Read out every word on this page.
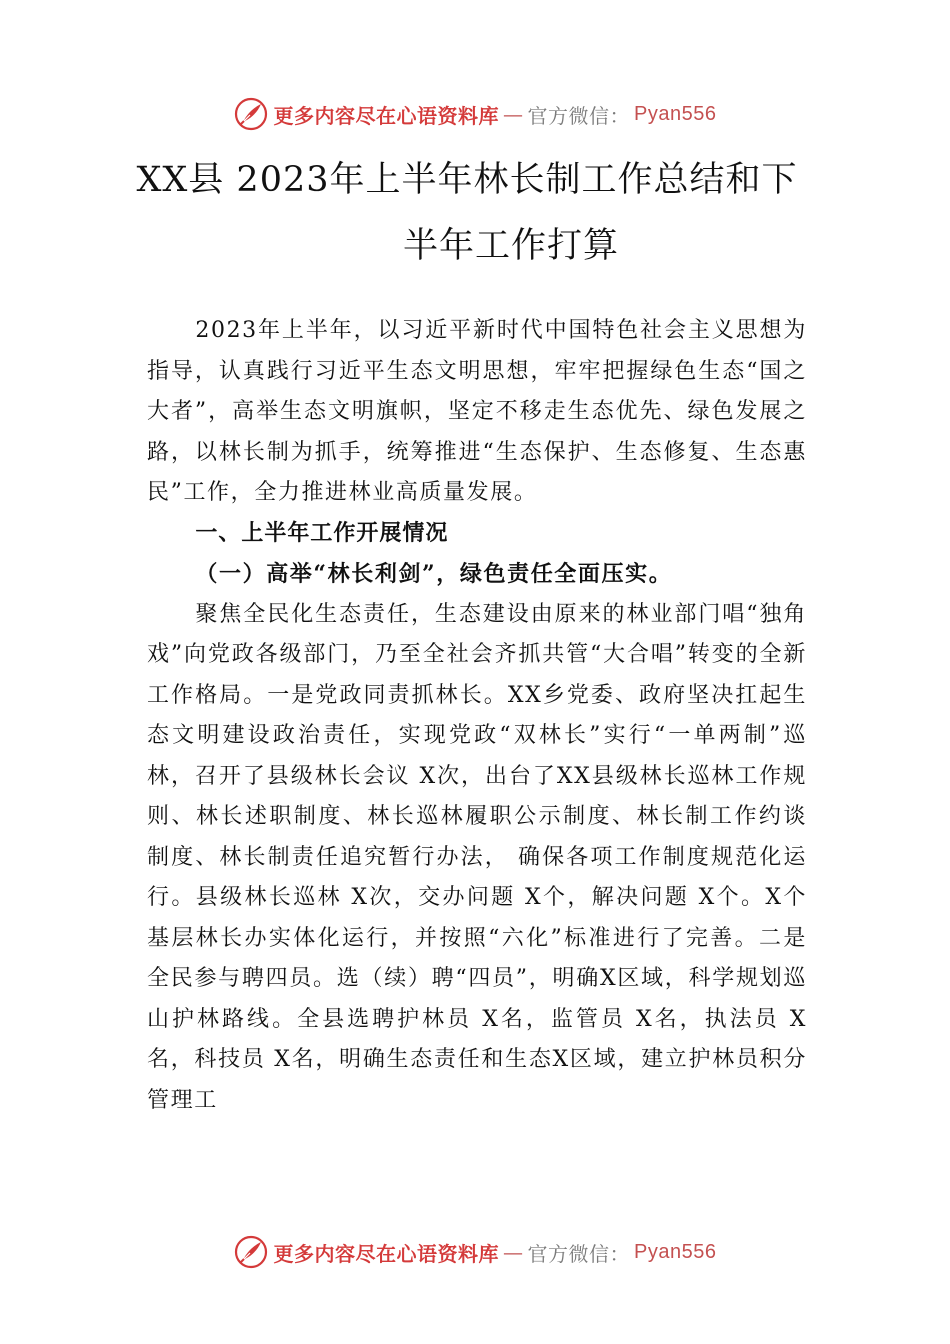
更多内容尽在心语资料库 — 官方微信： Pyan556
XX县 2023年上半年林长制工作总结和下
半年工作打算

2023年上半年，以习近平新时代中国特色社会主义思想为指导，认真践行习近平生态文明思想，牢牢把握绿色生态“国之大者”，高举生态文明旗帜，坚定不移走生态优先、绿色发展之路，以林长制为抓手，统筹推进“生态保护、生态修复、生态惠民”工作，全力推进林业高质量发展。

一、上半年工作开展情况

（一）高举“林长利剑”，绿色责任全面压实。

聚焦全民化生态责任，生态建设由原来的林业部门唱“独角戏”向党政各级部门，乃至全社会齐抓共管“大合唱”转变的全新工作格局。一是党政同责抓林长。XX乡党委、政府坚决扛起生态文明建设政治责任，实现党政“双林长”实行“一单两制”巡林，召开了县级林长会议 X次，出台了XX县级林长巡林工作规则、林长述职制度、林长巡林履职公示制度、林长制工作约谈制度、林长制责任追究暂行办法， 确保各项工作制度规范化运行。县级林长巡林 X次，交办问题 X个，解决问题 X个。X个基层林长办实体化运行，并按照“六化”标准进行了完善。二是全民参与聘四员。选（续）聘“四员”，明确X区域，科学规划巡山护林路线。全县选聘护林员 X名，监管员 X名，执法员 X名，科技员 X名，明确生态责任和生态X区域，建立护林员积分管理工

更多内容尽在心语资料库 — 官方微信： Pyan556
